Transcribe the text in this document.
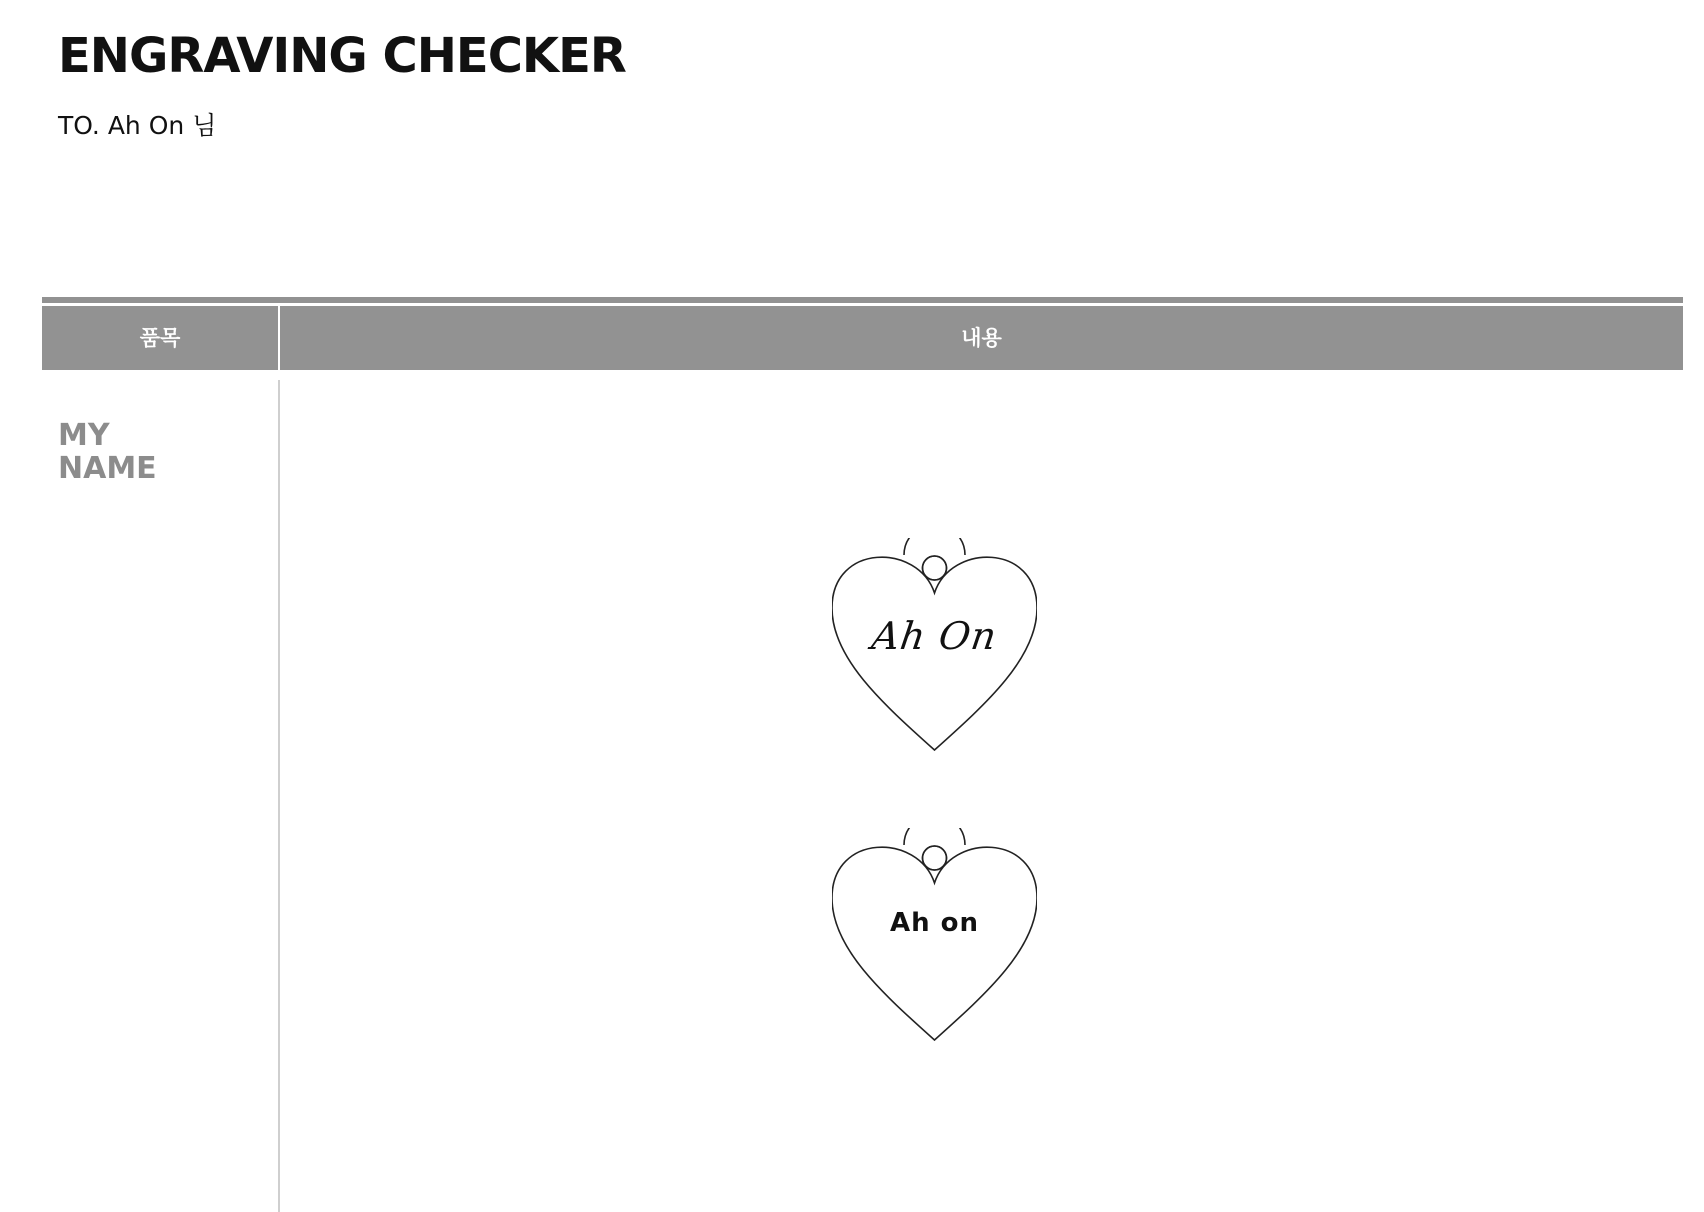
ENGRAVING CHECKER
TO. Ah On 님
품목	내용
MY
NAME
Ah On
Ah on
